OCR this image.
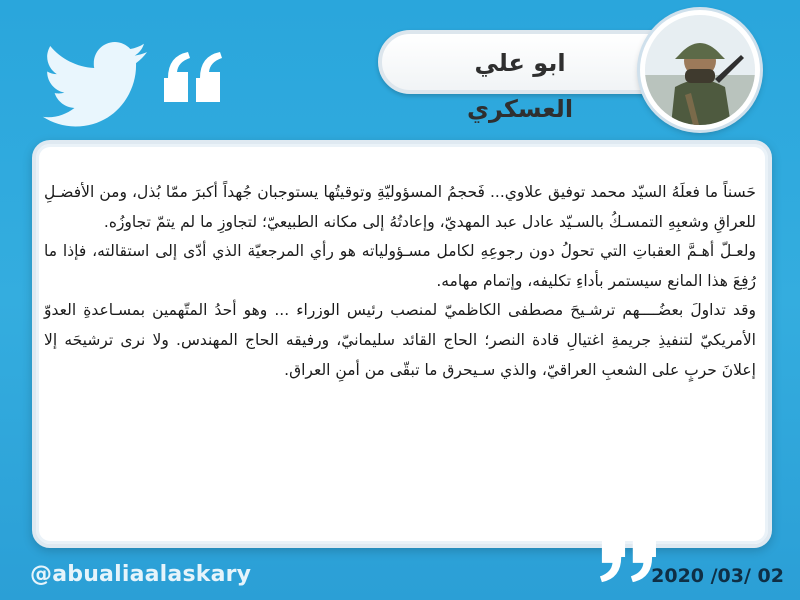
ابو علي العسكري

حَسناً ما فعلَهُ السيّد محمد توفيق علاوي... فَحجمُ المسؤوليّةِ وتوقيتُها يستوجبان جُهداً أكبرَ ممّا بُذل، ومن الأفضـلِ للعراقِ وشعبِهِ التمسـكُ بالسـيّد عادل عبد المهديّ، وإعادتُهُ إلى مكانه الطبيعيّ؛ لتجاوزِ ما لم يتمّ تجاوزُه.

ولعـلّ أهـمَّ العقباتِ التي تحولُ دون رجوعِهِ لكامل مسـؤولياته هو رأي المرجعيّة الذي أدّى إلى استقالته، فإذا ما رُفِعَ هذا المانع سيستمر بأداءِ تكليفه، وإتمام مهامه.

وقد تداولَ بعضُــــهم ترشـيحَ مصطفى الكاظميّ لمنصب رئيس الوزراء ... وهو أحدُ المتّهمين بمسـاعدةِ العدوّ الأمريكيّ لتنفيذِ جريمةِ اغتيالِ قادة النصر؛ الحاج القائد سليمانيّ، ورفيقه الحاج المهندس. ولا نرى ترشيحَه إلا إعلانَ حربٍ على الشعبِ العراقيّ، والذي سـيحرق ما تبقّى من أمنِ العراق.

@abualiaalaskary	2020 /03/ 02
